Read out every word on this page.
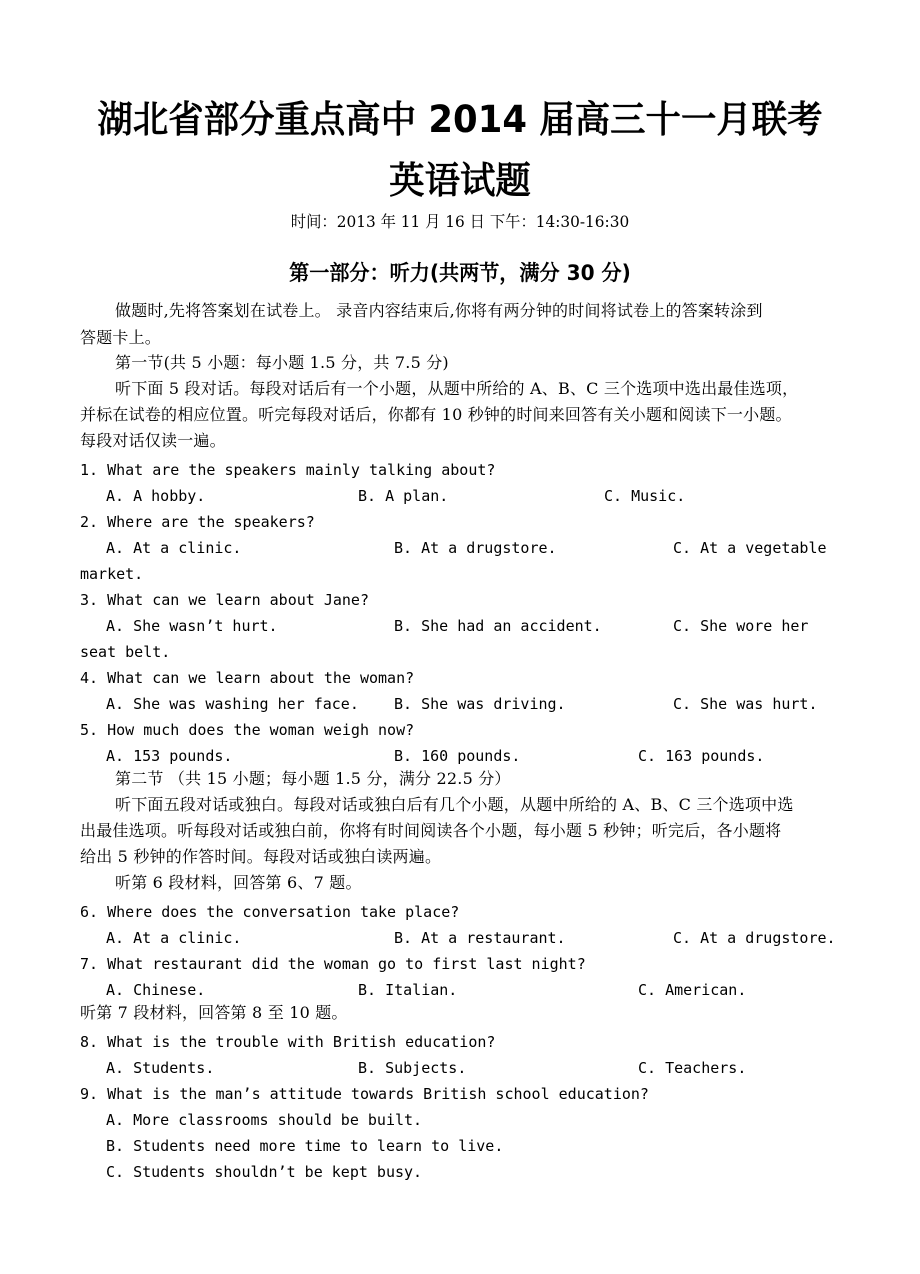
湖北省部分重点高中 2014 届高三十一月联考
英语试题
时间：2013 年 11 月 16 日 下午：14:30-16:30
第一部分：听力(共两节，满分 30 分)
做题时,先将答案划在试卷上。 录音内容结束后,你将有两分钟的时间将试卷上的答案转涂到
答题卡上。
第一节(共 5 小题：每小题 1.5 分，共 7.5 分)
听下面 5 段对话。每段对话后有一个小题，从题中所给的 A、B、C 三个选项中选出最佳选项，
并标在试卷的相应位置。听完每段对话后，你都有 10 秒钟的时间来回答有关小题和阅读下一小题。
每段对话仅读一遍。
1. What are the speakers mainly talking about?
A. A hobby.	B. A plan.	C. Music.
2. Where are the speakers?
A. At a clinic.	B. At a drugstore.	C. At a vegetable
market.
3. What can we learn about Jane?
A. She wasn’t hurt.	B. She had an accident.	C. She wore her
seat belt.
4. What can we learn about the woman?
A. She was washing her face. B. She was driving.	C. She was hurt.
5. How much does the woman weigh now?
A. 153 pounds.	B. 160 pounds.	C. 163 pounds.
第二节 （共 15 小题；每小题 1.5 分，满分 22.5 分）
听下面五段对话或独白。每段对话或独白后有几个小题，从题中所给的 A、B、C 三个选项中选
出最佳选项。听每段对话或独白前，你将有时间阅读各个小题，每小题 5 秒钟；听完后，各小题将
给出 5 秒钟的作答时间。每段对话或独白读两遍。
听第 6 段材料，回答第 6、7 题。
6. Where does the conversation take place?
A. At a clinic.	B. At a restaurant.	C. At a drugstore.
7. What restaurant did the woman go to first last night?
A. Chinese.	B. Italian.	C. American.
听第 7 段材料，回答第 8 至 10 题。
8. What is the trouble with British education?
A. Students.	B. Subjects.	C. Teachers.
9. What is the man’s attitude towards British school education?
A. More classrooms should be built.
B. Students need more time to learn to live.
C. Students shouldn’t be kept busy.
